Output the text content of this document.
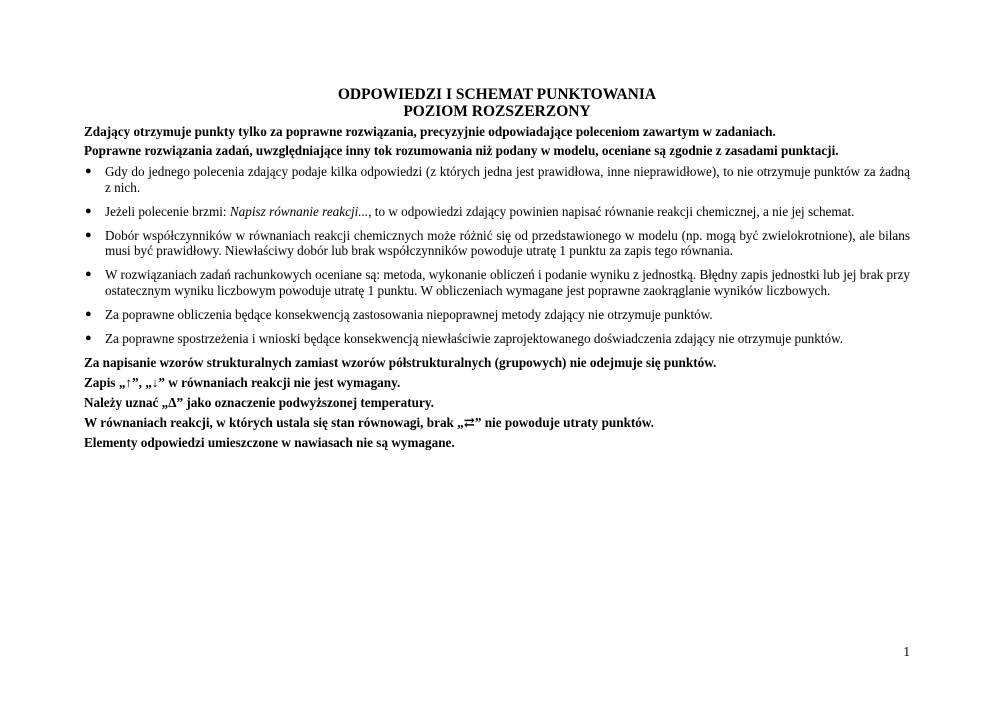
ODPOWIEDZI I SCHEMAT PUNKTOWANIA
POZIOM ROZSZERZONY
Zdający otrzymuje punkty tylko za poprawne rozwiązania, precyzyjnie odpowiadające poleceniom zawartym w zadaniach.
Poprawne rozwiązania zadań, uwzględniające inny tok rozumowania niż podany w modelu, oceniane są zgodnie z zasadami punktacji.
● Gdy do jednego polecenia zdający podaje kilka odpowiedzi (z których jedna jest prawidłowa, inne nieprawidłowe), to nie otrzymuje punktów za żadną z nich.
● Jeżeli polecenie brzmi: Napisz równanie reakcji..., to w odpowiedzi zdający powinien napisać równanie reakcji chemicznej, a nie jej schemat.
● Dobór współczynników w równaniach reakcji chemicznych może różnić się od przedstawionego w modelu (np. mogą być zwielokrotnione), ale bilans musi być prawidłowy. Niewłaściwy dobór lub brak współczynników powoduje utratę 1 punktu za zapis tego równania.
● W rozwiązaniach zadań rachunkowych oceniane są: metoda, wykonanie obliczeń i podanie wyniku z jednostką. Błędny zapis jednostki lub jej brak przy ostatecznym wyniku liczbowym powoduje utratę 1 punktu. W obliczeniach wymagane jest poprawne zaokrąglanie wyników liczbowych.
● Za poprawne obliczenia będące konsekwencją zastosowania niepoprawnej metody zdający nie otrzymuje punktów.
● Za poprawne spostrzeżenia i wnioski będące konsekwencją niewłaściwie zaprojektowanego doświadczenia zdający nie otrzymuje punktów.
Za napisanie wzorów strukturalnych zamiast wzorów półstrukturalnych (grupowych) nie odejmuje się punktów.
Zapis „↑”, „↓” w równaniach reakcji nie jest wymagany.
Należy uznać „Δ” jako oznaczenie podwyższonej temperatury.
W równaniach reakcji, w których ustala się stan równowagi, brak „⇄” nie powoduje utraty punktów.
Elementy odpowiedzi umieszczone w nawiasach nie są wymagane.
1
